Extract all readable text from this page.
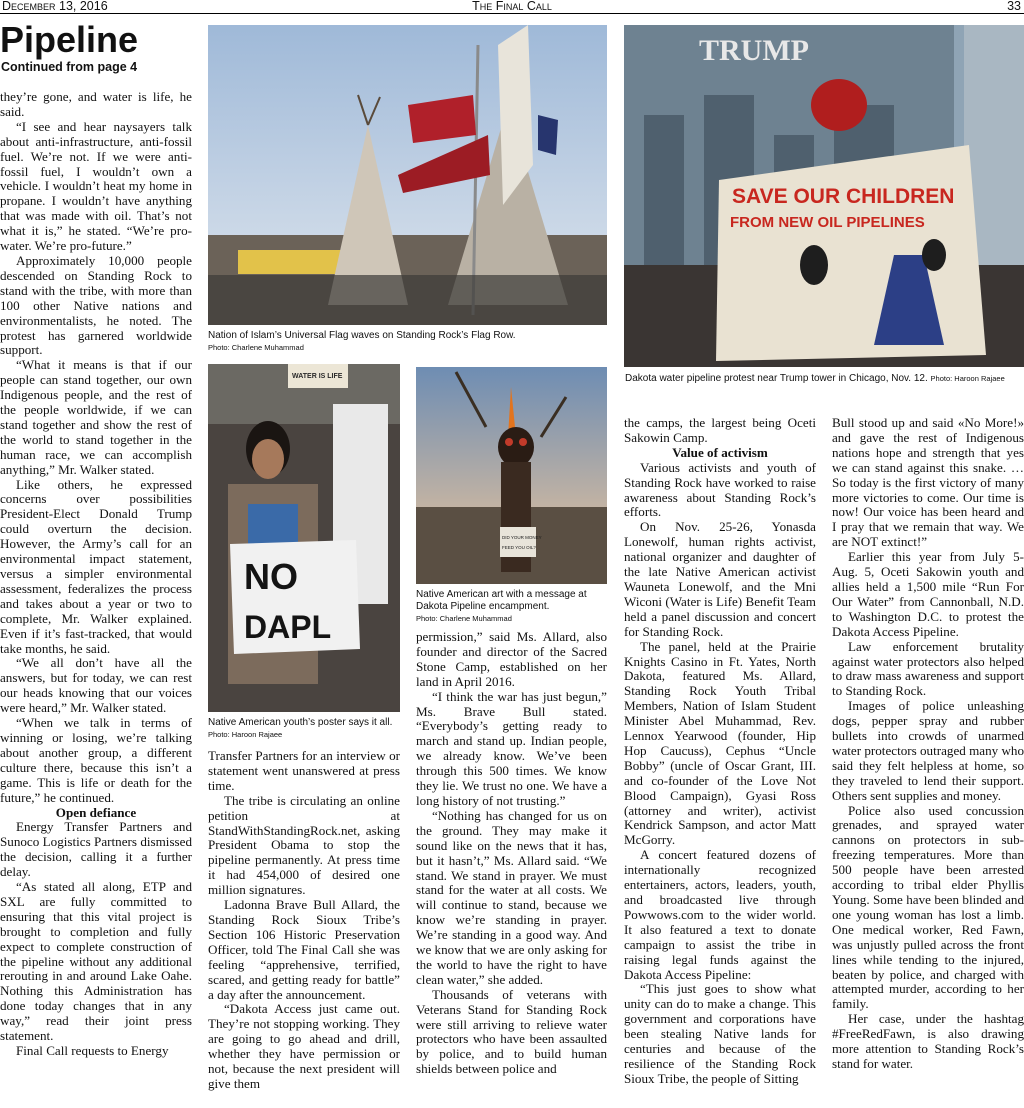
December 13, 2016	The Final Call	33
Pipeline
Continued from page 4
Nation of Islam’s Universal Flag waves on Standing Rock’s Flag Row.
Photo: Charlene Muhammad
TRUMP
SAVE OUR CHILDREN
FROM NEW OIL PIPELINES
Dakota water pipeline protest near Trump tower in Chicago, Nov. 12. Photo: Haroon Rajaee
WATER IS LIFE
NO
DAPL
Native American youth’s poster says it all. Photo: Haroon Rajaee
DID YOUR MONEY
FEED YOU OIL?
Native American art with a message at Dakota Pipeline encampment.
Photo: Charlene Muhammad

they’re gone, and water is life, he said.

“I see and hear naysayers talk about anti-infrastructure, anti-fossil fuel. We’re not. If we were anti-fossil fuel, I wouldn’t own a vehicle. I wouldn’t heat my home in propane. I wouldn’t have anything that was made with oil. That’s not what it is,” he stated. “We’re pro-water. We’re pro-future.”

Approximately 10,000 people descended on Standing Rock to stand with the tribe, with more than 100 other Native nations and environmentalists, he noted. The protest has garnered worldwide support.

“What it means is that if our people can stand together, our own Indigenous people, and the rest of the people worldwide, if we can stand together and show the rest of the world to stand together in the human race, we can accomplish anything,” Mr. Walker stated.

Like others, he expressed concerns over possibilities President-Elect Donald Trump could overturn the decision. However, the Army’s call for an environmental impact statement, versus a simpler environmental assessment, federalizes the process and takes about a year or two to complete, Mr. Walker explained. Even if it’s fast-tracked, that would take months, he said.

“We all don’t have all the answers, but for today, we can rest our heads knowing that our voices were heard,” Mr. Walker stated.

“When we talk in terms of winning or losing, we’re talking about another group, a different culture there, because this isn’t a game. This is life or death for the future,” he continued.

Open defiance

Energy Transfer Partners and Sunoco Logistics Partners dismissed the decision, calling it a further delay.

“As stated all along, ETP and SXL are fully committed to ensuring that this vital project is brought to completion and fully expect to complete construction of the pipeline without any additional rerouting in and around Lake Oahe. Nothing this Administration has done today changes that in any way,” read their joint press statement.

Final Call requests to Energy

Transfer Partners for an interview or statement went unanswered at press time.

The tribe is circulating an online petition at StandWithStandingRock.net, asking President Obama to stop the pipeline permanently. At press time it had 454,000 of desired one million signatures.

Ladonna Brave Bull Allard, the Standing Rock Sioux Tribe’s Section 106 Historic Preservation Officer, told The Final Call she was feeling “apprehensive, terrified, scared, and getting ready for battle” a day after the announcement.

“Dakota Access just came out. They’re not stopping working. They are going to go ahead and drill, whether they have permission or not, because the next president will give them

permission,” said Ms. Allard, also founder and director of the Sacred Stone Camp, established on her land in April 2016.

“I think the war has just begun,” Ms. Brave Bull stated. “Everybody’s getting ready to march and stand up. Indian people, we already know. We’ve been through this 500 times. We know they lie. We trust no one. We have a long history of not trusting.”

“Nothing has changed for us on the ground. They may make it sound like on the news that it has, but it hasn’t,” Ms. Allard said. “We stand. We stand in prayer. We must stand for the water at all costs. We will continue to stand, because we know we’re standing in prayer. We’re standing in a good way. And we know that we are only asking for the world to have the right to have clean water,” she added.

Thousands of veterans with Veterans Stand for Standing Rock were still arriving to relieve water protectors who have been assaulted by police, and to build human shields between police and

the camps, the largest being Oceti Sakowin Camp.

Value of activism

Various activists and youth of Standing Rock have worked to raise awareness about Standing Rock’s efforts.

On Nov. 25-26, Yonasda Lonewolf, human rights activist, national organizer and daughter of the late Native American activist Wauneta Lonewolf, and the Mni Wiconi (Water is Life) Benefit Team held a panel discussion and concert for Standing Rock.

The panel, held at the Prairie Knights Casino in Ft. Yates, North Dakota, featured Ms. Allard, Standing Rock Youth Tribal Members, Nation of Islam Student Minister Abel Muhammad, Rev. Lennox Yearwood (founder, Hip Hop Caucuss), Cephus “Uncle Bobby” (uncle of Oscar Grant, III. and co-founder of the Love Not Blood Campaign), Gyasi Ross (attorney and writer), activist Kendrick Sampson, and actor Matt McGorry.

A concert featured dozens of internationally recognized entertainers, actors, leaders, youth, and broadcasted live through Powwows.com to the wider world. It also featured a text to donate campaign to assist the tribe in raising legal funds against the Dakota Access Pipeline:

“This just goes to show what unity can do to make a change. This government and corporations have been stealing Native lands for centuries and because of the resilience of the Standing Rock Sioux Tribe, the people of Sitting

Bull stood up and said «No More!» and gave the rest of Indigenous nations hope and strength that yes we can stand against this snake. … So today is the first victory of many more victories to come. Our time is now! Our voice has been heard and I pray that we remain that way. We are NOT extinct!”

Earlier this year from July 5-Aug. 5, Oceti Sakowin youth and allies held a 1,500 mile “Run For Our Water” from Cannonball, N.D. to Washington D.C. to protest the Dakota Access Pipeline.

Law enforcement brutality against water protectors also helped to draw mass awareness and support to Standing Rock.

Images of police unleashing dogs, pepper spray and rubber bullets into crowds of unarmed water protectors outraged many who said they felt helpless at home, so they traveled to lend their support. Others sent supplies and money.

Police also used concussion grenades, and sprayed water cannons on protectors in sub-freezing temperatures. More than 500 people have been arrested according to tribal elder Phyllis Young. Some have been blinded and one young woman has lost a limb. One medical worker, Red Fawn, was unjustly pulled across the front lines while tending to the injured, beaten by police, and charged with attempted murder, according to her family.

Her case, under the hashtag #FreeRedFawn, is also drawing more attention to Standing Rock’s stand for water.
